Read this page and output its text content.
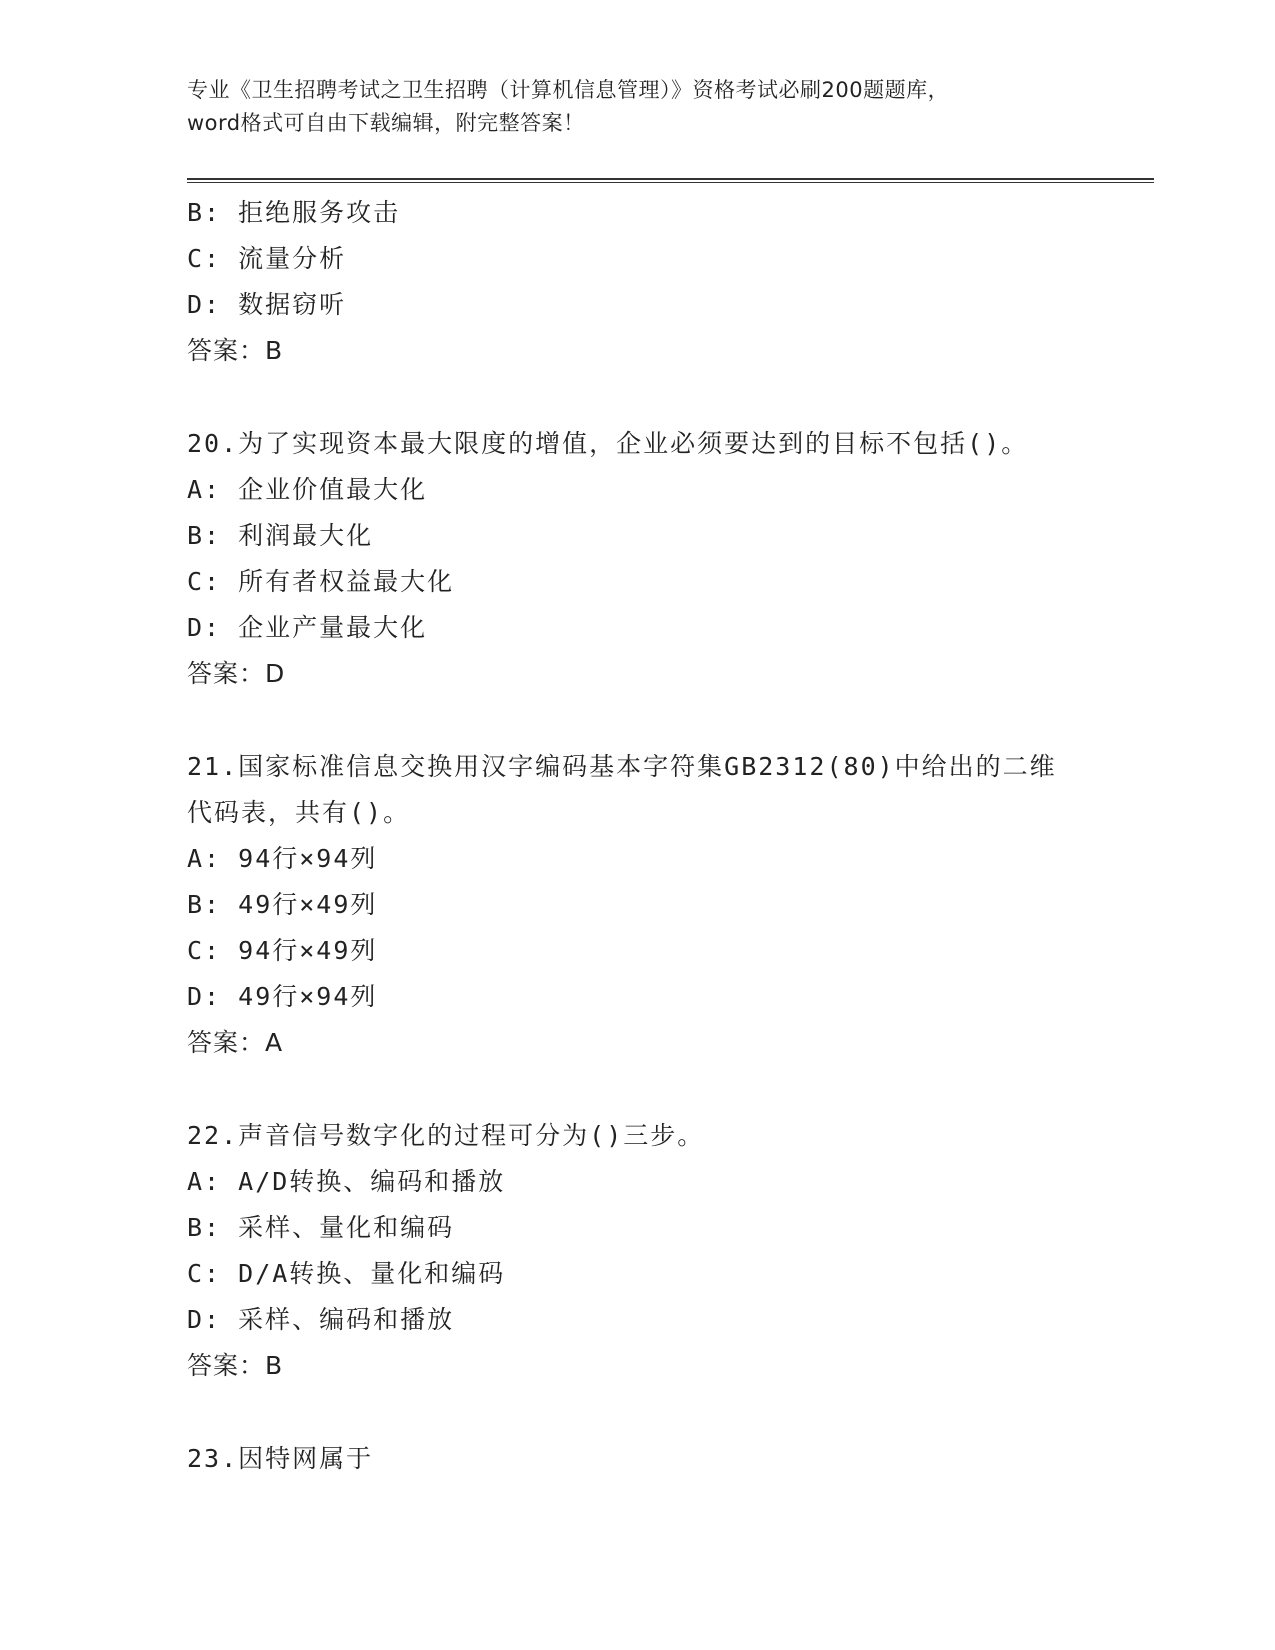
专业《卫生招聘考试之卫生招聘（计算机信息管理）》资格考试必刷200题题库，
word格式可自由下载编辑，附完整答案！
B: 拒绝服务攻击
C: 流量分析
D: 数据窃听
答案：B
20.为了实现资本最大限度的增值，企业必须要达到的目标不包括()。
A: 企业价值最大化
B: 利润最大化
C: 所有者权益最大化
D: 企业产量最大化
答案：D
21.国家标准信息交换用汉字编码基本字符集GB2312(80)中给出的二维
代码表，共有()。
A: 94行×94列
B: 49行×49列
C: 94行×49列
D: 49行×94列
答案：A
22.声音信号数字化的过程可分为()三步。
A: A/D转换、编码和播放
B: 采样、量化和编码
C: D/A转换、量化和编码
D: 采样、编码和播放
答案：B
23.因特网属于
